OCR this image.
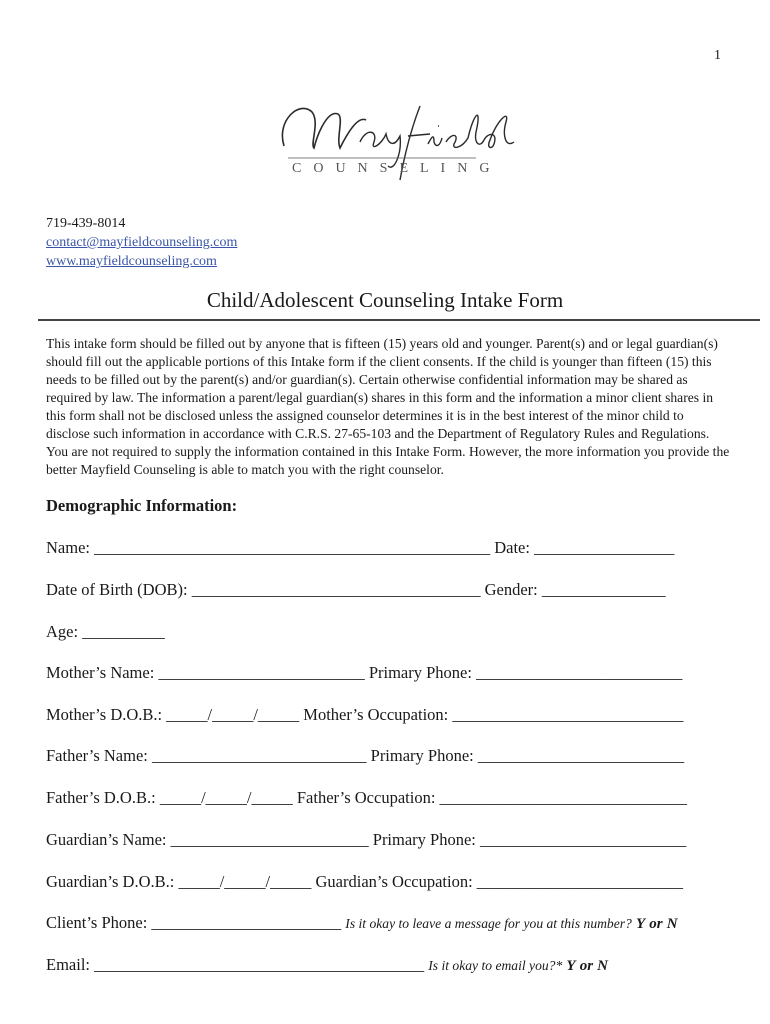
1
COUNSELING
719-439-8014
contact@mayfieldcounseling.com
www.mayfieldcounseling.com
Child/Adolescent Counseling Intake Form

This intake form should be filled out by anyone that is fifteen (15) years old and younger. Parent(s) and or legal guardian(s) should fill out the applicable portions of this Intake form if the client consents. If the child is younger than fifteen (15) this needs to be filled out by the parent(s) and/or guardian(s). Certain otherwise confidential information may be shared as required by law. The information a parent/legal guardian(s) shares in this form and the information a minor client shares in this form shall not be disclosed unless the assigned counselor determines it is in the best interest of the minor child to disclose such information in accordance with C.R.S. 27-65-103 and the Department of Regulatory Rules and Regulations. You are not required to supply the information contained in this Intake Form. However, the more information you provide the better Mayfield Counseling is able to match you with the right counselor.

Demographic Information:
Name: ________________________________________________ Date: _________________
Date of Birth (DOB): ___________________________________ Gender: _______________
Age: __________
Mother’s Name: _________________________ Primary Phone: _________________________
Mother’s D.O.B.: _____/_____/_____ Mother’s Occupation: ____________________________
Father’s Name: __________________________ Primary Phone: _________________________
Father’s D.O.B.: _____/_____/_____ Father’s Occupation: ______________________________
Guardian’s Name: ________________________ Primary Phone: _________________________
Guardian’s D.O.B.: _____/_____/_____ Guardian’s Occupation: _________________________
Client’s Phone: _______________________ Is it okay to leave a message for you at this number? Y or N
Email: ________________________________________ Is it okay to email you?* Y or N
